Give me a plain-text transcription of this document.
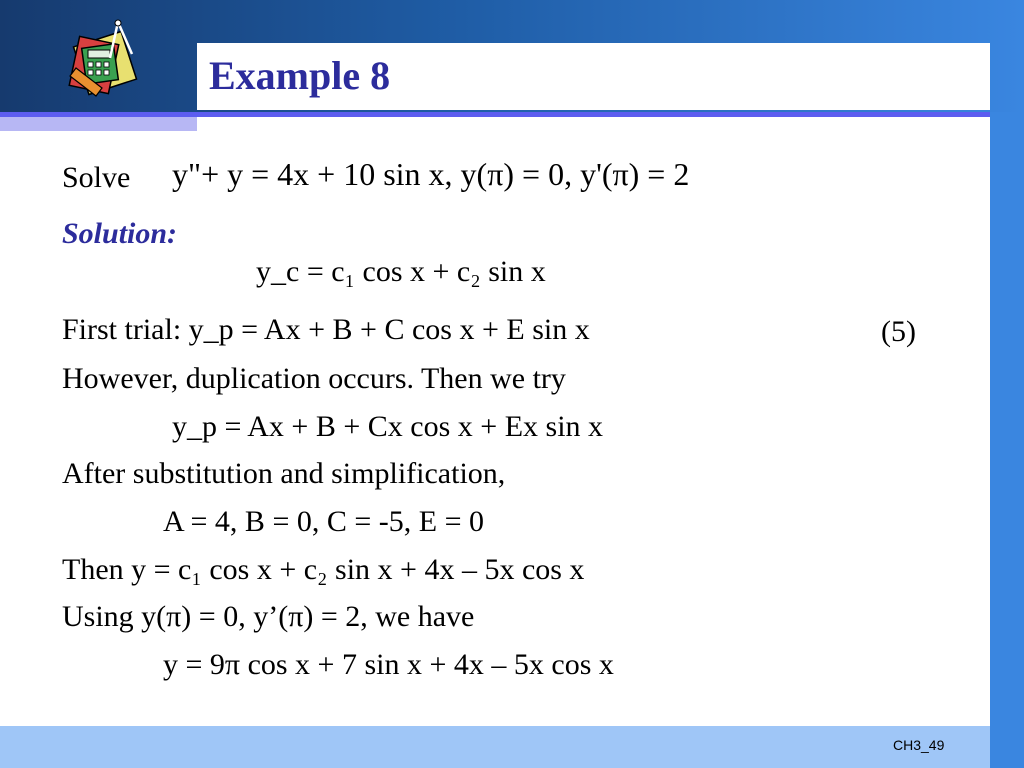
Example 8
CH3_49
Solve y"+ y = 4x + 10 sin x, y(π) = 0, y'(π) = 2
Solution:
y_c = c₁ cos x + c₂ sin x
First trial: y_p = Ax + B + C cos x + E sin x	(5)
However, duplication occurs. Then we try
y_p = Ax + B + Cx cos x + Ex sin x
After substitution and simplification,
A = 4, B = 0, C = -5, E = 0
Then y = c₁ cos x + c₂ sin x + 4x – 5x cos x
Using y(π) = 0, y’(π) = 2, we have
y = 9π cos x + 7 sin x + 4x – 5x cos x
